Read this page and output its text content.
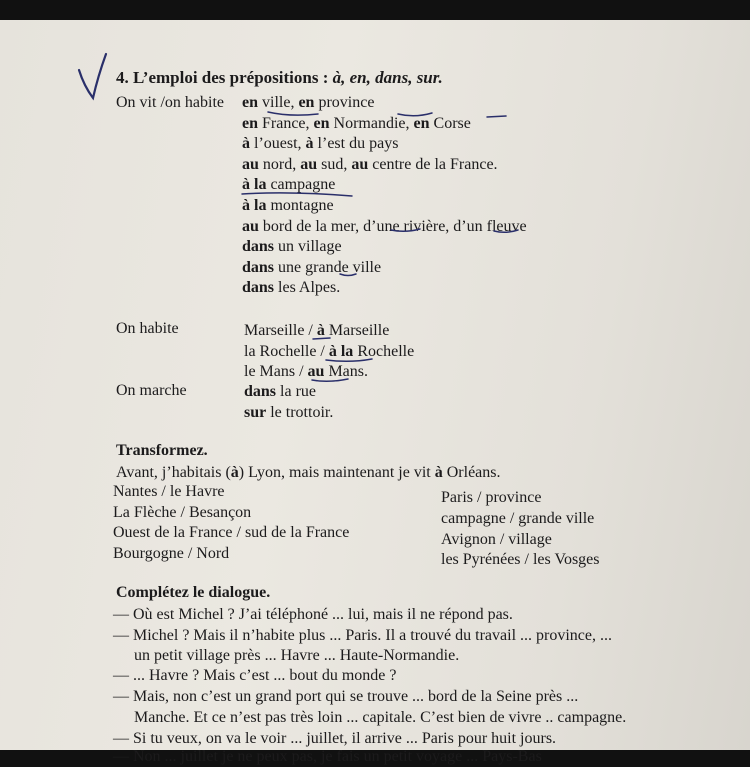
4. L’emploi des prépositions : à, en, dans, sur.
On vit /on habite en ville, en province
en France, en Normandie, en Corse
à l’ouest, à l’est du pays
au nord, au sud, au centre de la France.
à la campagne
à la montagne
au bord de la mer, d’une rivière, d’un fleuve
dans un village
dans une grande ville
dans les Alpes.
On habite	Marseille / à Marseille
la Rochelle / à la Rochelle
le Mans / au Mans.
On marche	dans la rue
sur le trottoir.
Transformez.
Avant, j’habitais (à) Lyon, mais maintenant je vit à Orléans.
Nantes / le Havre
La Flèche / Besançon
Ouest de la France / sud de la France
Bourgogne / Nord
Paris / province
campagne / grande ville
Avignon / village
les Pyrénées / les Vosges
Complétez le dialogue.
— Où est Michel ? J’ai téléphoné ... lui, mais il ne répond pas.
— Michel ? Mais il n’habite plus ... Paris. Il a trouvé du travail ... province, ...
un petit village près ... Havre ... Haute-Normandie.
— ... Havre ? Mais c’est ... bout du monde ?
— Mais, non c’est un grand port qui se trouve ... bord de la Seine près ...
Manche. Et ce n’est pas très loin ... capitale. C’est bien de vivre .. campagne.
— Si tu veux, on va le voir ... juillet, il arrive ... Paris pour huit jours.
— Non ... juillet je ne peux pas, je fais un petit voyage ... Pays-Bas
